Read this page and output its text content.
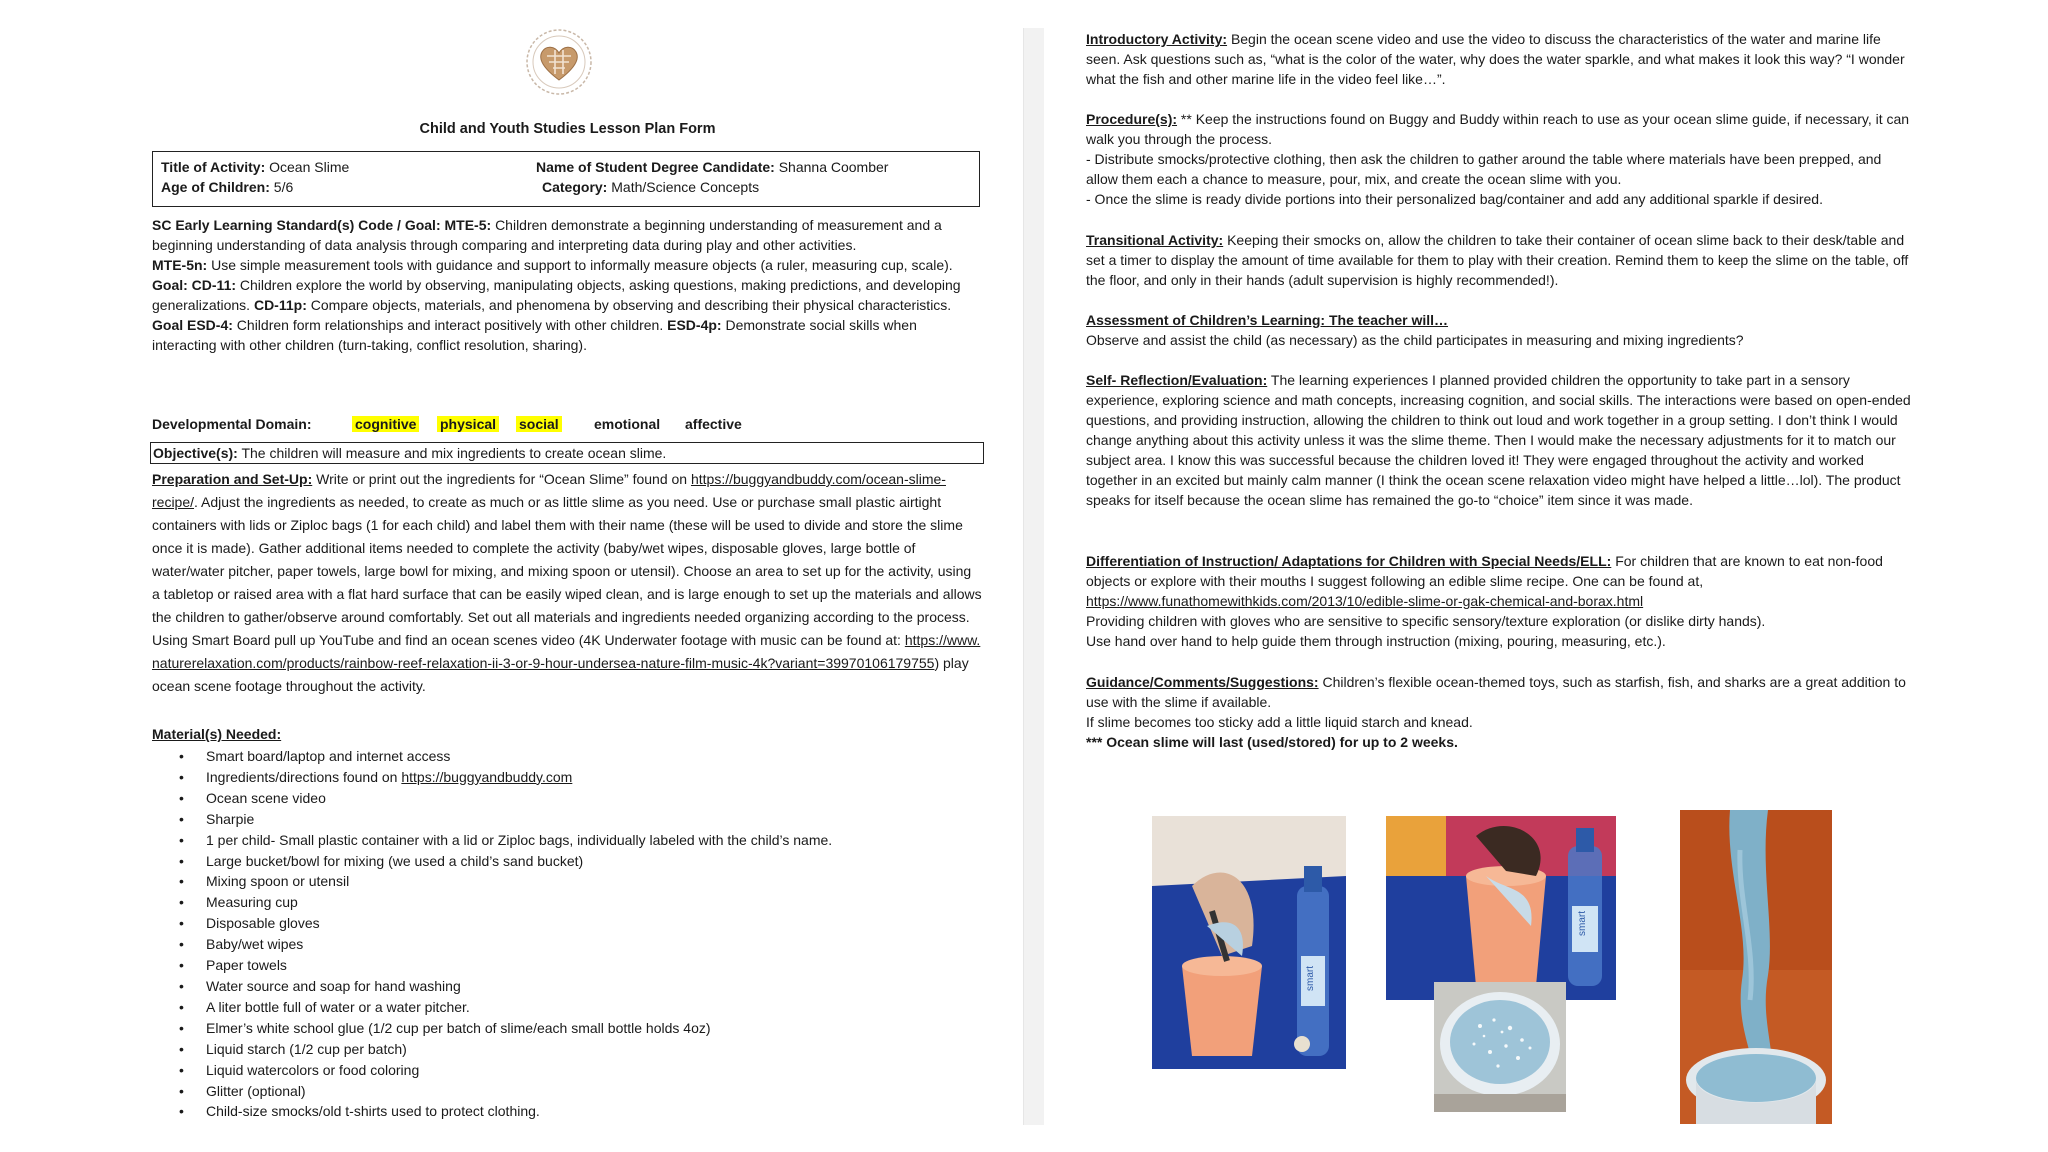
Child and Youth Studies Lesson Plan Form
Title of Activity: Ocean Slime
Age of Children: 5/6
Name of Student Degree Candidate: Shanna Coomber
Category: Math/Science Concepts

SC Early Learning Standard(s) Code / Goal: MTE-5: Children demonstrate a beginning understanding of measurement and a beginning understanding of data analysis through comparing and interpreting data during play and other activities.

MTE-5n: Use simple measurement tools with guidance and support to informally measure objects (a ruler, measuring cup, scale).

Goal: CD-11: Children explore the world by observing, manipulating objects, asking questions, making predictions, and developing generalizations. CD-11p: Compare objects, materials, and phenomena by observing and describing their physical characteristics.

Goal ESD-4: Children form relationships and interact positively with other children. ESD-4p: Demonstrate social skills when interacting with other children (turn-taking, conflict resolution, sharing).

Developmental Domain:	cognitive physical social	emotional affective
Objective(s): The children will measure and mix ingredients to create ocean slime.

Preparation and Set-Up: Write or print out the ingredients for “Ocean Slime” found on https://buggyandbuddy.com/ocean-slime-recipe/. Adjust the ingredients as needed, to create as much or as little slime as you need. Use or purchase small plastic airtight containers with lids or Ziploc bags (1 for each child) and label them with their name (these will be used to divide and store the slime once it is made). Gather additional items needed to complete the activity (baby/wet wipes, disposable gloves, large bottle of water/water pitcher, paper towels, large bowl for mixing, and mixing spoon or utensil). Choose an area to set up for the activity, using a tabletop or raised area with a flat hard surface that can be easily wiped clean, and is large enough to set up the materials and allows the children to gather/observe around comfortably. Set out all materials and ingredients needed organizing according to the process. Using Smart Board pull up YouTube and find an ocean scenes video (4K Underwater footage with music can be found at: https://www.naturerelaxation.com/products/rainbow-reef-relaxation-ii-3-or-9-hour-undersea-nature-film-music-4k?variant=39970106179755) play ocean scene footage throughout the activity.

Material(s) Needed:

• Smart board/laptop and internet access
• Ingredients/directions found on https://buggyandbuddy.com
• Ocean scene video
• Sharpie
• 1 per child- Small plastic container with a lid or Ziploc bags, individually labeled with the child’s name.
• Large bucket/bowl for mixing (we used a child’s sand bucket)
• Mixing spoon or utensil
• Measuring cup
• Disposable gloves
• Baby/wet wipes
• Paper towels
• Water source and soap for hand washing
• A liter bottle full of water or a water pitcher.
• Elmer’s white school glue (1/2 cup per batch of slime/each small bottle holds 4oz)
• Liquid starch (1/2 cup per batch)
• Liquid watercolors or food coloring
• Glitter (optional)
• Child-size smocks/old t-shirts used to protect clothing.

Introductory Activity: Begin the ocean scene video and use the video to discuss the characteristics of the water and marine life seen. Ask questions such as, “what is the color of the water, why does the water sparkle, and what makes it look this way? “I wonder what the fish and other marine life in the video feel like…”.

Procedure(s): ** Keep the instructions found on Buggy and Buddy within reach to use as your ocean slime guide, if necessary, it can walk you through the process.

- Distribute smocks/protective clothing, then ask the children to gather around the table where materials have been prepped, and allow them each a chance to measure, pour, mix, and create the ocean slime with you.

- Once the slime is ready divide portions into their personalized bag/container and add any additional sparkle if desired.

Transitional Activity: Keeping their smocks on, allow the children to take their container of ocean slime back to their desk/table and set a timer to display the amount of time available for them to play with their creation. Remind them to keep the slime on the table, off the floor, and only in their hands (adult supervision is highly recommended!).

Assessment of Children’s Learning: The teacher will…

Observe and assist the child (as necessary) as the child participates in measuring and mixing ingredients?

Self- Reflection/Evaluation: The learning experiences I planned provided children the opportunity to take part in a sensory experience, exploring science and math concepts, increasing cognition, and social skills. The interactions were based on open-ended questions, and providing instruction, allowing the children to think out loud and work together in a group setting. I don’t think I would change anything about this activity unless it was the slime theme. Then I would make the necessary adjustments for it to match our subject area. I know this was successful because the children loved it! They were engaged throughout the activity and worked together in an excited but mainly calm manner (I think the ocean scene relaxation video might have helped a little…lol). The product speaks for itself because the ocean slime has remained the go-to “choice” item since it was made.

Differentiation of Instruction/ Adaptations for Children with Special Needs/ELL: For children that are known to eat non-food objects or explore with their mouths I suggest following an edible slime recipe. One can be found at,

https://www.funathomewithkids.com/2013/10/edible-slime-or-gak-chemical-and-borax.html

Providing children with gloves who are sensitive to specific sensory/texture exploration (or dislike dirty hands).

Use hand over hand to help guide them through instruction (mixing, pouring, measuring, etc.).

Guidance/Comments/Suggestions: Children’s flexible ocean-themed toys, such as starfish, fish, and sharks are a great addition to use with the slime if available.

If slime becomes too sticky add a little liquid starch and knead.

*** Ocean slime will last (used/stored) for up to 2 weeks.

smart
smart
